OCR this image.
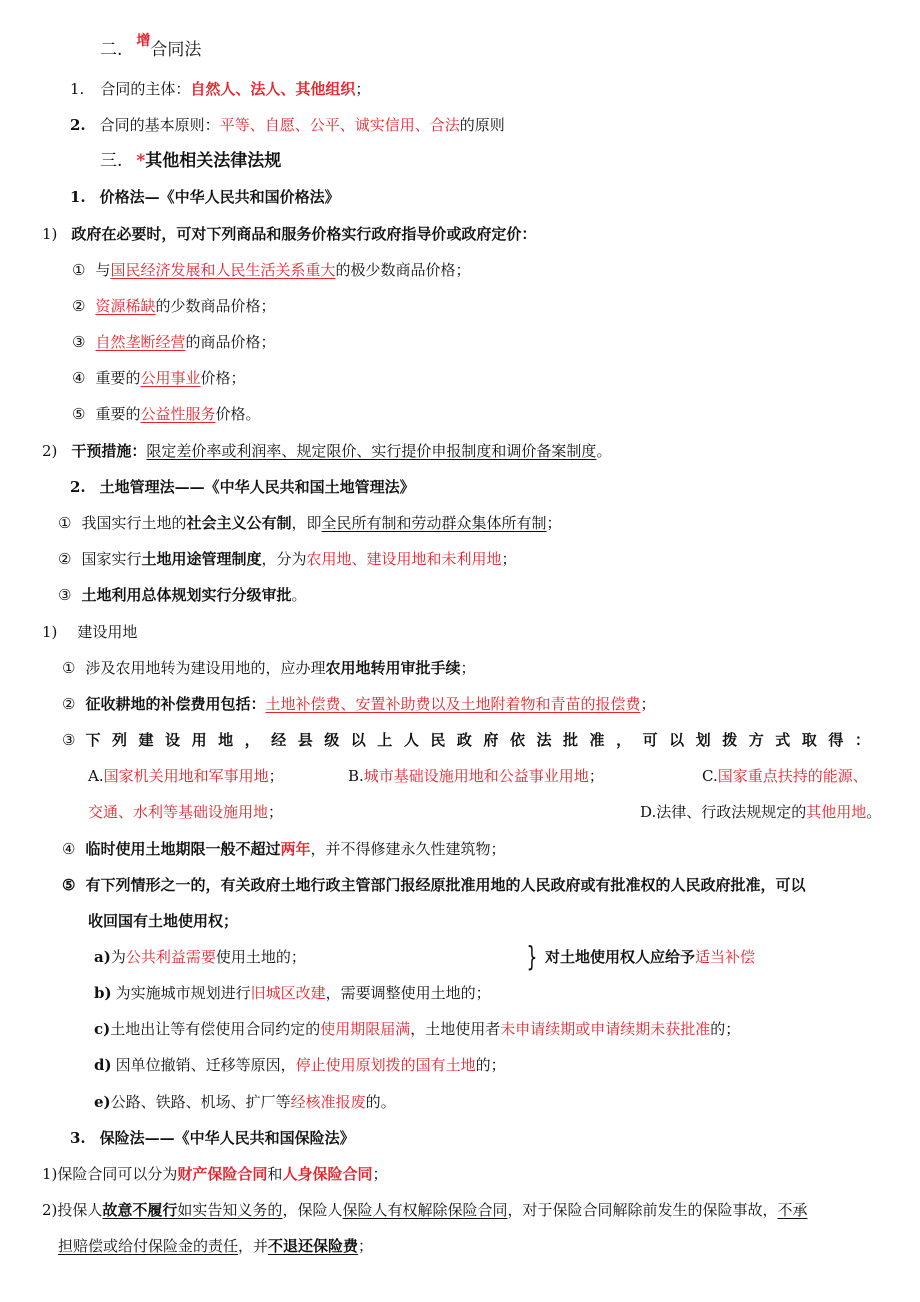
二. $^增$合同法
1. 合同的主体：自然人、法人、其他组织；
2. 合同的基本原则：平等、自愿、公平、诚实信用、合法的原则
三. *其他相关法律法规
1. 价格法—《中华人民共和国价格法》
1) 政府在必要时，可对下列商品和服务价格实行政府指导价或政府定价：
① 与国民经济发展和人民生活关系重大的极少数商品价格；
② 资源稀缺的少数商品价格；
③ 自然垄断经营的商品价格；
④ 重要的公用事业价格；
⑤ 重要的公益性服务价格。
2) 干预措施：限定差价率或利润率、规定限价、实行提价申报制度和调价备案制度。
2. 土地管理法——《中华人民共和国土地管理法》
① 我国实行土地的社会主义公有制，即全民所有制和劳动群众集体所有制；
② 国家实行土地用途管理制度，分为农用地、建设用地和未利用地；
③ 土地利用总体规划实行分级审批。
1) 建设用地
① 涉及农用地转为建设用地的，应办理农用地转用审批手续；
② 征收耕地的补偿费用包括：土地补偿费、安置补助费以及土地附着物和青苗的报偿费；
③ 下 列 建 设 用 地 ， 经 县 级 以 上 人 民 政 府 依 法 批 准 ， 可 以 划 拨 方 式 取 得 ：
A.国家机关用地和军事用地；	B.城市基础设施用地和公益事业用地；	C.国家重点扶持的能源、
交通、水利等基础设施用地；	D.法律、行政法规规定的其他用地。
④ 临时使用土地期限一般不超过两年，并不得修建永久性建筑物；
⑤ 有下列情形之一的，有关政府土地行政主管部门报经原批准用地的人民政府或有批准权的人民政府批准，可以
收回国有土地使用权；
a)为公共利益需要使用土地的；	} 对土地使用权人应给予适当补偿
b) 为实施城市规划进行旧城区改建，需要调整使用土地的；
c)土地出让等有偿使用合同约定的使用期限届满，土地使用者未申请续期或申请续期未获批准的；
d) 因单位撤销、迁移等原因，停止使用原划拨的国有土地的；
e)公路、铁路、机场、扩厂等经核准报废的。
3. 保险法——《中华人民共和国保险法》
1)保险合同可以分为财产保险合同和人身保险合同；
2)投保人故意不履行如实告知义务的，保险人保险人有权解除保险合同，对于保险合同解除前发生的保险事故，不承
担赔偿或给付保险金的责任，并不退还保险费；
